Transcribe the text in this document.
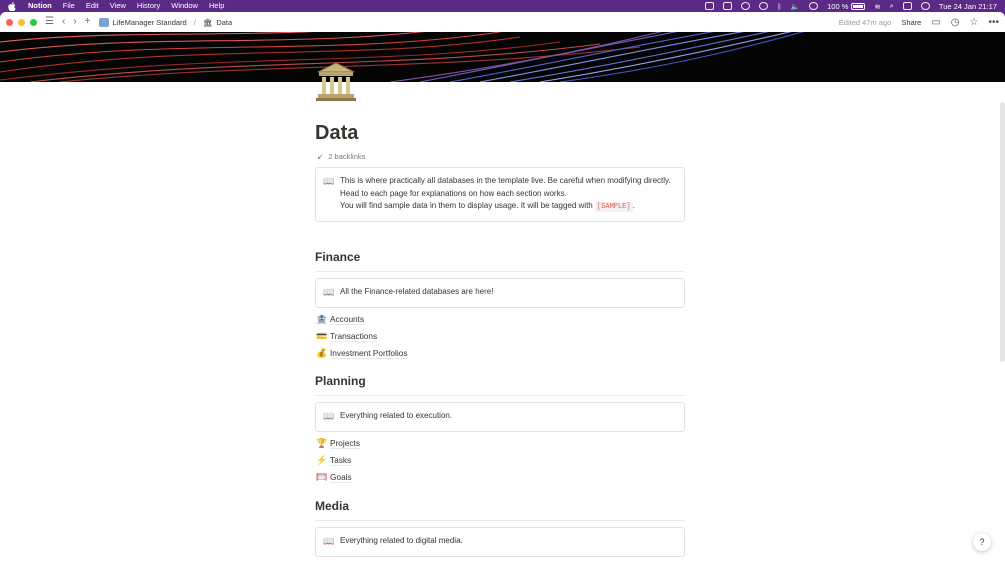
Notion File Edit View History Window Help	ᛒ 🔈	100 %	≋ ⌕	Tue 24 Jan 21:17
☰ ‹ › +	LifeManager Standard / 🏛 Data	Edited 47m ago Share ▭ ◷ ☆ •••
Data
↙ 2 backlinks
📖 This is where practically all databases in the template live. Be careful when modifying directly.
Head to each page for explanations on how each section works.
You will find sample data in them to display usage. It will be tagged with [SAMPLE] .
Finance
📖 All the Finance-related databases are here!
🏦 Accounts
💳 Transactions
💰 Investment Portfolios
Planning
📖 Everything related to execution.
🏆 Projects
⚡ Tasks
🥅 Goals
Media
📖 Everything related to digital media.	?
